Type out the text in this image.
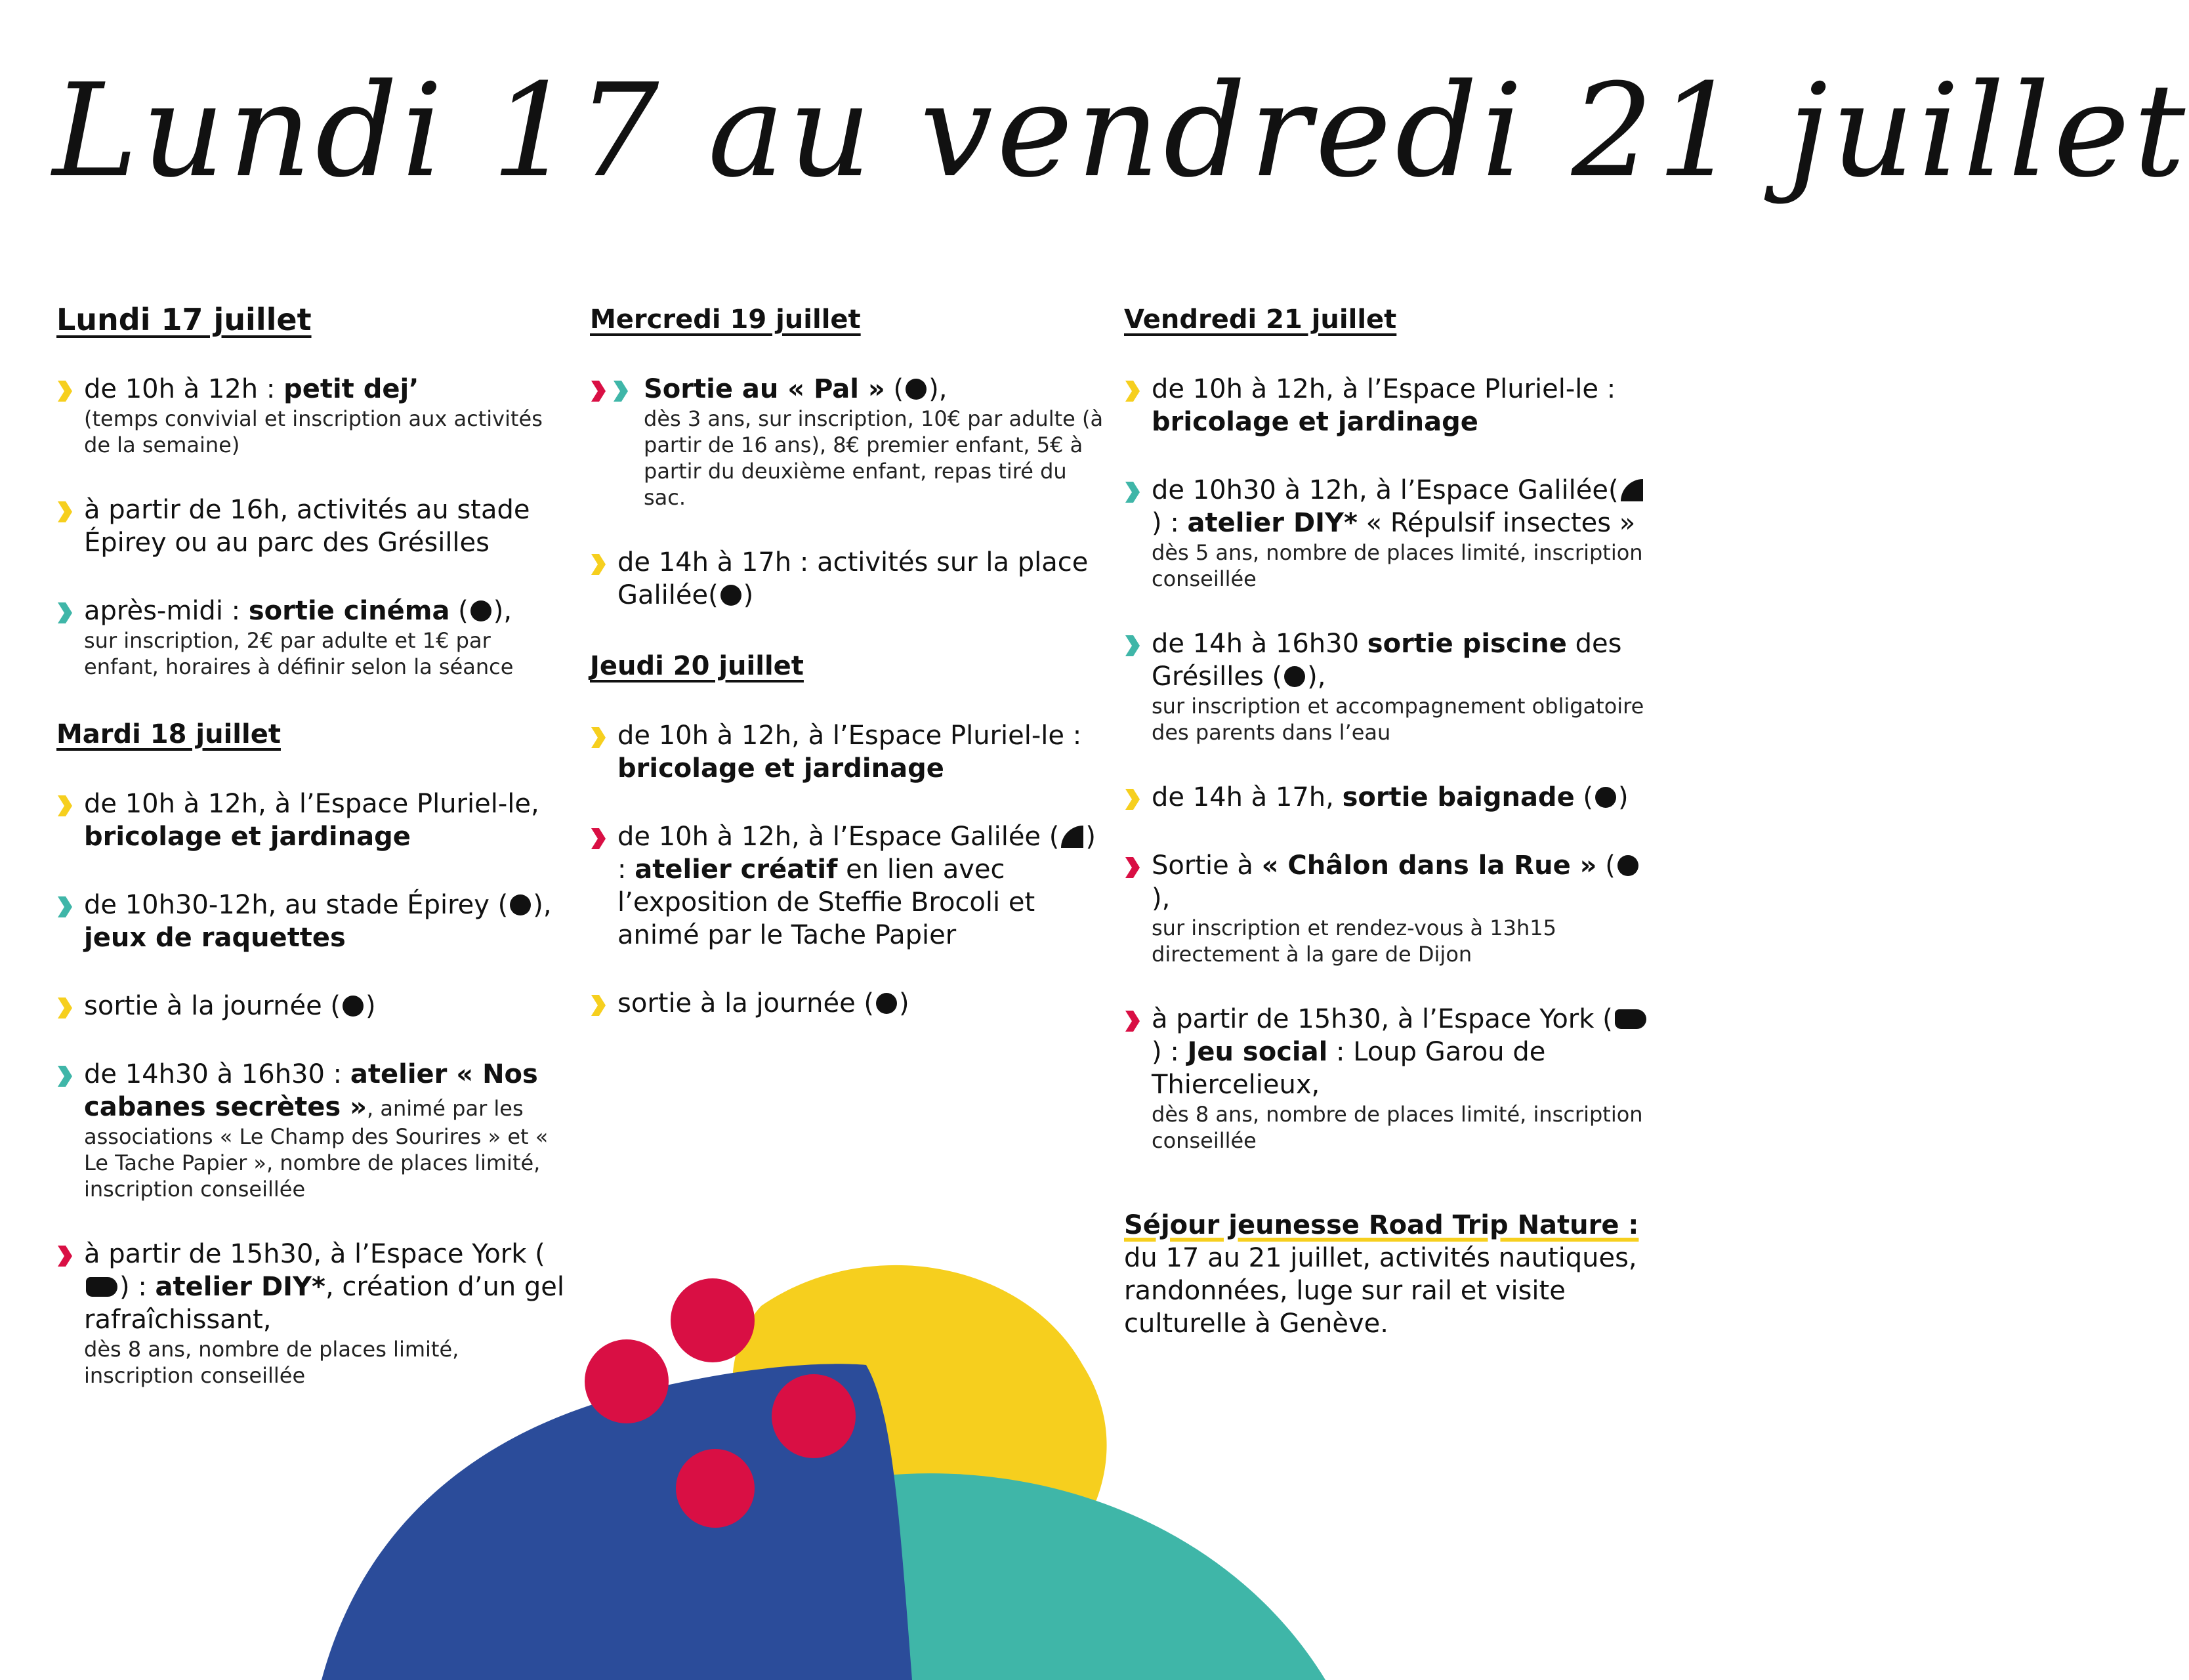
Lundi 17 au vendredi 21 juillet
Lundi 17 juillet
de 10h à 12h : petit dej’
(temps convivial et inscription aux activités de la semaine)
à partir de 16h, activités au stade Épirey ou au parc des Grésilles
après-midi : sortie cinéma ( ),
sur inscription, 2€ par adulte et 1€ par enfant, horaires à définir selon la séance
Mardi 18 juillet
de 10h à 12h, à l’Espace Pluriel-le, bricolage et jardinage
de 10h30-12h, au stade Épirey ( ),
jeux de raquettes
sortie à la journée ( )
de 14h30 à 16h30 : atelier « Nos cabanes secrètes », animé par les
associations « Le Champ des Sourires » et « Le Tache Papier », nombre de places limité, inscription conseillée
à partir de 15h30, à l’Espace York () : atelier DIY*, création d’un gel rafraîchissant,
dès 8 ans, nombre de places limité, inscription conseillée
Mercredi 19 juillet
Sortie au « Pal » ( ),
dès 3 ans, sur inscription, 10€ par adulte (à partir de 16 ans), 8€ premier enfant, 5€ à partir du deuxième enfant, repas tiré du sac.
de 14h à 17h : activités sur la place Galilée( )
Jeudi 20 juillet
de 10h à 12h, à l’Espace Pluriel-le : bricolage et jardinage
de 10h à 12h, à l’Espace Galilée ( ) : atelier créatif en lien avec l’exposition de Steffie Brocoli et animé par le Tache Papier
sortie à la journée ( )
Vendredi 21 juillet
de 10h à 12h, à l’Espace Pluriel-le : bricolage et jardinage
de 10h30 à 12h, à l’Espace Galilée() : atelier DIY* « Répulsif insectes »
dès 5 ans, nombre de places limité, inscription conseillée
de 14h à 16h30 sortie piscine des Grésilles ( ),
sur inscription et accompagnement obligatoire des parents dans l’eau
de 14h à 17h, sortie baignade ( )
Sortie à « Châlon dans la Rue » (),
sur inscription et rendez-vous à 13h15 directement à la gare de Dijon
à partir de 15h30, à l’Espace York () : Jeu social : Loup Garou de Thiercelieux,
dès 8 ans, nombre de places limité, inscription conseillée
Séjour jeunesse Road Trip Nature : du 17 au 21 juillet, activités nautiques, randonnées, luge sur rail et visite culturelle à Genève.
